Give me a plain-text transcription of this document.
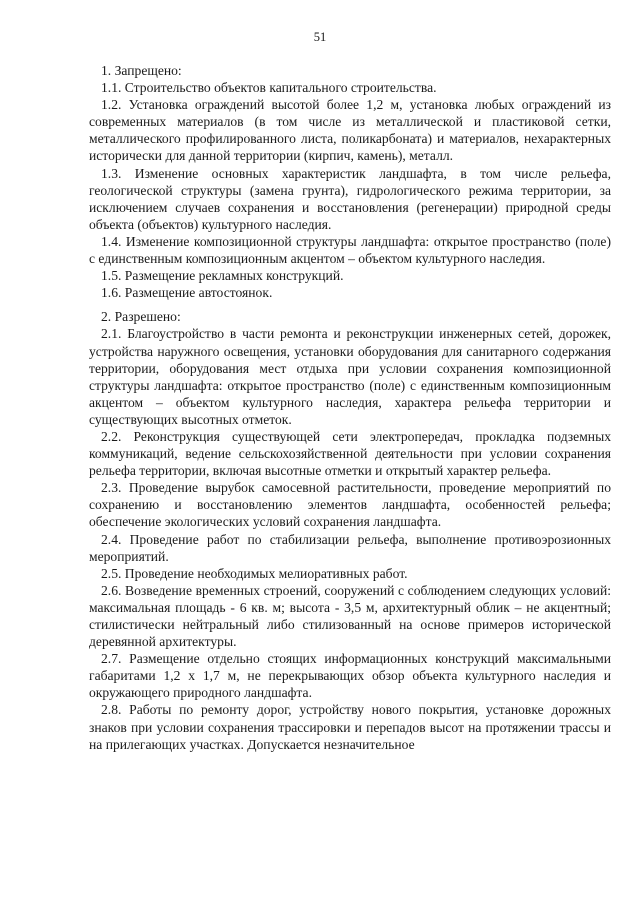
51

1. Запрещено:

1.1. Строительство объектов капитального строительства.

1.2. Установка ограждений высотой более 1,2 м, установка любых ограждений из современных материалов (в том числе из металлической и пластиковой сетки, металлического профилированного листа, поликарбоната) и материалов, нехарактерных исторически для данной территории (кирпич, камень), металл.

1.3. Изменение основных характеристик ландшафта, в том числе рельефа, геологической структуры (замена грунта), гидрологического режима территории, за исключением случаев сохранения и восстановления (регенерации) природной среды объекта (объектов) культурного наследия.

1.4. Изменение композиционной структуры ландшафта: открытое пространство (поле) с единственным композиционным акцентом – объектом культурного наследия.

1.5. Размещение рекламных конструкций.

1.6. Размещение автостоянок.

2. Разрешено:

2.1. Благоустройство в части ремонта и реконструкции инженерных сетей, дорожек, устройства наружного освещения, установки оборудования для санитарного содержания территории, оборудования мест отдыха при условии сохранения композиционной структуры ландшафта: открытое пространство (поле) с единственным композиционным акцентом – объектом культурного наследия, характера рельефа территории и существующих высотных отметок.

2.2. Реконструкция существующей сети электропередач, прокладка подземных коммуникаций, ведение сельскохозяйственной деятельности при условии сохранения рельефа территории, включая высотные отметки и открытый характер рельефа.

2.3. Проведение вырубок самосевной растительности, проведение мероприятий по сохранению и восстановлению элементов ландшафта, особенностей рельефа; обеспечение экологических условий сохранения ландшафта.

2.4. Проведение работ по стабилизации рельефа, выполнение противоэрозионных мероприятий.

2.5. Проведение необходимых мелиоративных работ.

2.6. Возведение временных строений, сооружений с соблюдением следующих условий: максимальная площадь - 6 кв. м; высота - 3,5 м, архитектурный облик – не акцентный; стилистически нейтральный либо стилизованный на основе примеров исторической деревянной архитектуры.

2.7. Размещение отдельно стоящих информационных конструкций максимальными габаритами 1,2 х 1,7 м, не перекрывающих обзор объекта культурного наследия и окружающего природного ландшафта.

2.8. Работы по ремонту дорог, устройству нового покрытия, установке дорожных знаков при условии сохранения трассировки и перепадов высот на протяжении трассы и на прилегающих участках. Допускается незначительное
